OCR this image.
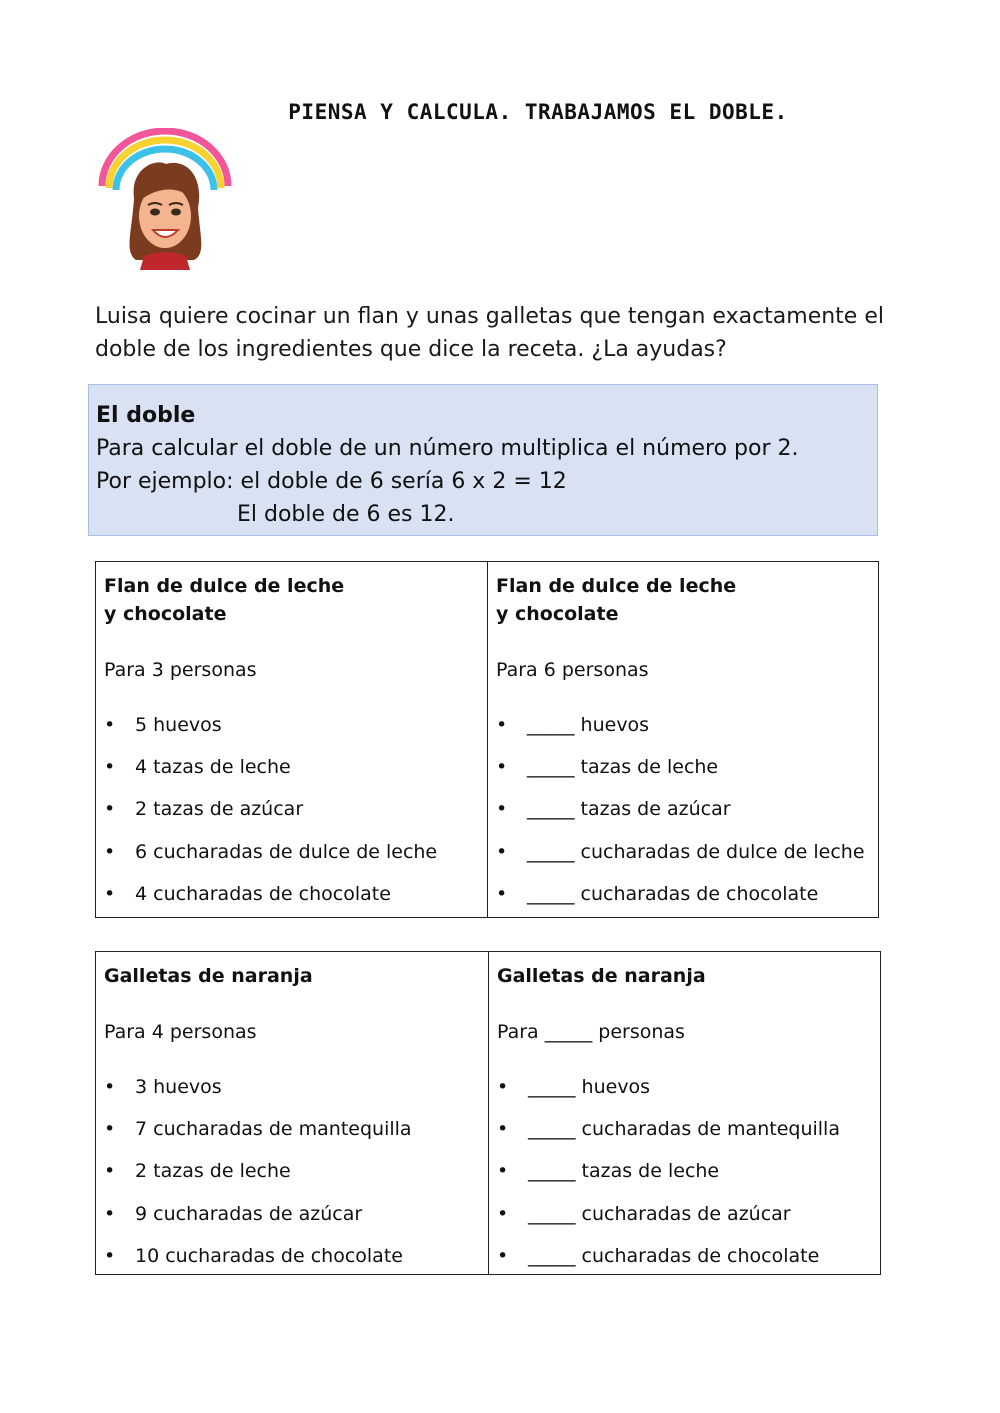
PIENSA Y CALCULA. TRABAJAMOS EL DOBLE.
Luisa quiere cocinar un flan y unas galletas que tengan exactamente el
doble de los ingredientes que dice la receta. ¿La ayudas?
El doble
Para calcular el doble de un número multiplica el número por 2.
Por ejemplo: el doble de 6 sería 6 x 2 = 12
El doble de 6 es 12.
Flan de dulce de leche
y chocolate
Para 3 personas
• 5 huevos
• 4 tazas de leche
• 2 tazas de azúcar
• 6 cucharadas de dulce de leche
• 4 cucharadas de chocolate
Flan de dulce de leche
y chocolate
Para 6 personas
• _____ huevos
• _____ tazas de leche
• _____ tazas de azúcar
• _____ cucharadas de dulce de leche
• _____ cucharadas de chocolate
Galletas de naranja
Para 4 personas
• 3 huevos
• 7 cucharadas de mantequilla
• 2 tazas de leche
• 9 cucharadas de azúcar
• 10 cucharadas de chocolate
Galletas de naranja
Para _____ personas
• _____ huevos
• _____ cucharadas de mantequilla
• _____ tazas de leche
• _____ cucharadas de azúcar
• _____ cucharadas de chocolate
